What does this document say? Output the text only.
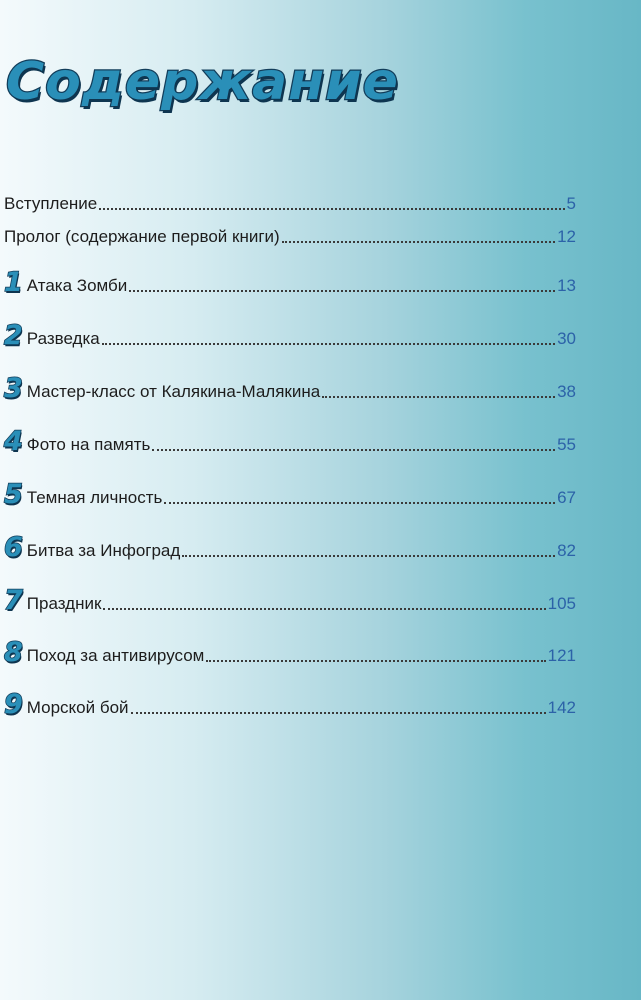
Содержание
Вступление	5
Пролог (содержание первой книги)	12
1 Атака Зомби	13
2 Разведка	30
3 Мастер-класс от Калякина-Малякина	38
4 Фото на память	55
5 Темная личность	67
6 Битва за Инфоград	82
7 Праздник	105
8 Поход за антивирусом	121
9 Морской бой	142
